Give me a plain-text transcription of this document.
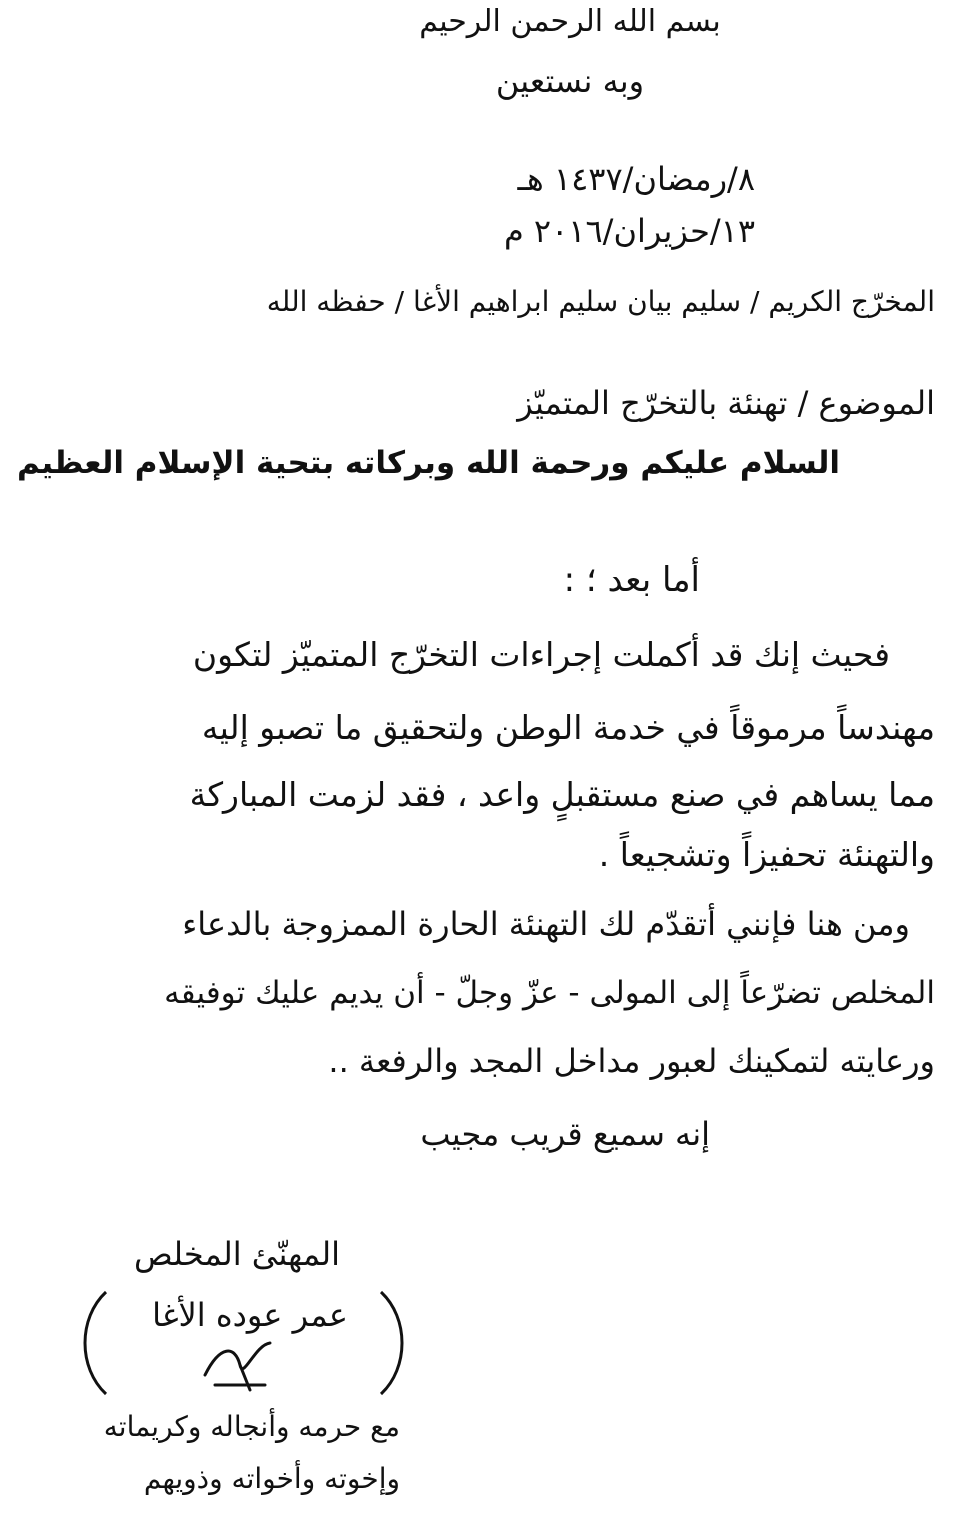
بسم الله الرحمن الرحيم
وبه نستعين
٨/رمضان/١٤٣٧ هـ
١٣/حزيران/٢٠١٦ م
المخرّج الكريم / سليم بيان سليم ابراهيم الأغا / حفظه الله
الموضوع / تهنئة بالتخرّج المتميّز
السلام عليكم ورحمة الله وبركاته بتحية الإسلام العظيم
أما بعد ؛ :
فحيث إنك قد أكملت إجراءات التخرّج المتميّز لتكون
مهندساً مرموقاً في خدمة الوطن ولتحقيق ما تصبو إليه
مما يساهم في صنع مستقبلٍ واعد ، فقد لزمت المباركة
والتهنئة تحفيزاً وتشجيعاً .
ومن هنا فإنني أتقدّم لك التهنئة الحارة الممزوجة بالدعاء
المخلص تضرّعاً إلى المولى - عزّ وجلّ - أن يديم عليك توفيقه
ورعايته لتمكينك لعبور مداخل المجد والرفعة ..
إنه سميع قريب مجيب
المهنّئ المخلص
عمر عوده الأغا
مع حرمه وأنجاله وكريماته
وإخوته وأخواته وذويهم
